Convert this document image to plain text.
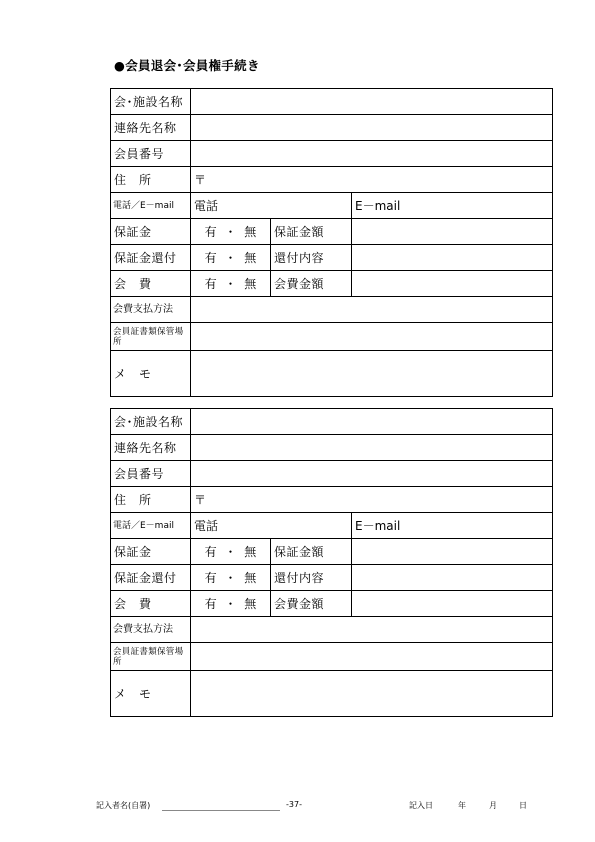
●会員退会･会員権手続き
会･施設名称			
連絡先名称			
会員番号			
住　所	〒		
電話／E－mail	電話		E－mail
保証金	有 ・ 無	保証金額	
保証金還付	有 ・ 無	還付内容	
会　費	有 ・ 無	会費金額	
会費支払方法			
会員証書類保管場所			
メ　モ			
会･施設名称			
連絡先名称			
会員番号			
住　所	〒		
電話／E－mail	電話		E－mail
保証金	有 ・ 無	保証金額	
保証金還付	有 ・ 無	還付内容	
会　費	有 ・ 無	会費金額	
会費支払方法			
会員証書類保管場所			
メ　モ			
記入者名(自署)	-37-	記入日	年	月	日
